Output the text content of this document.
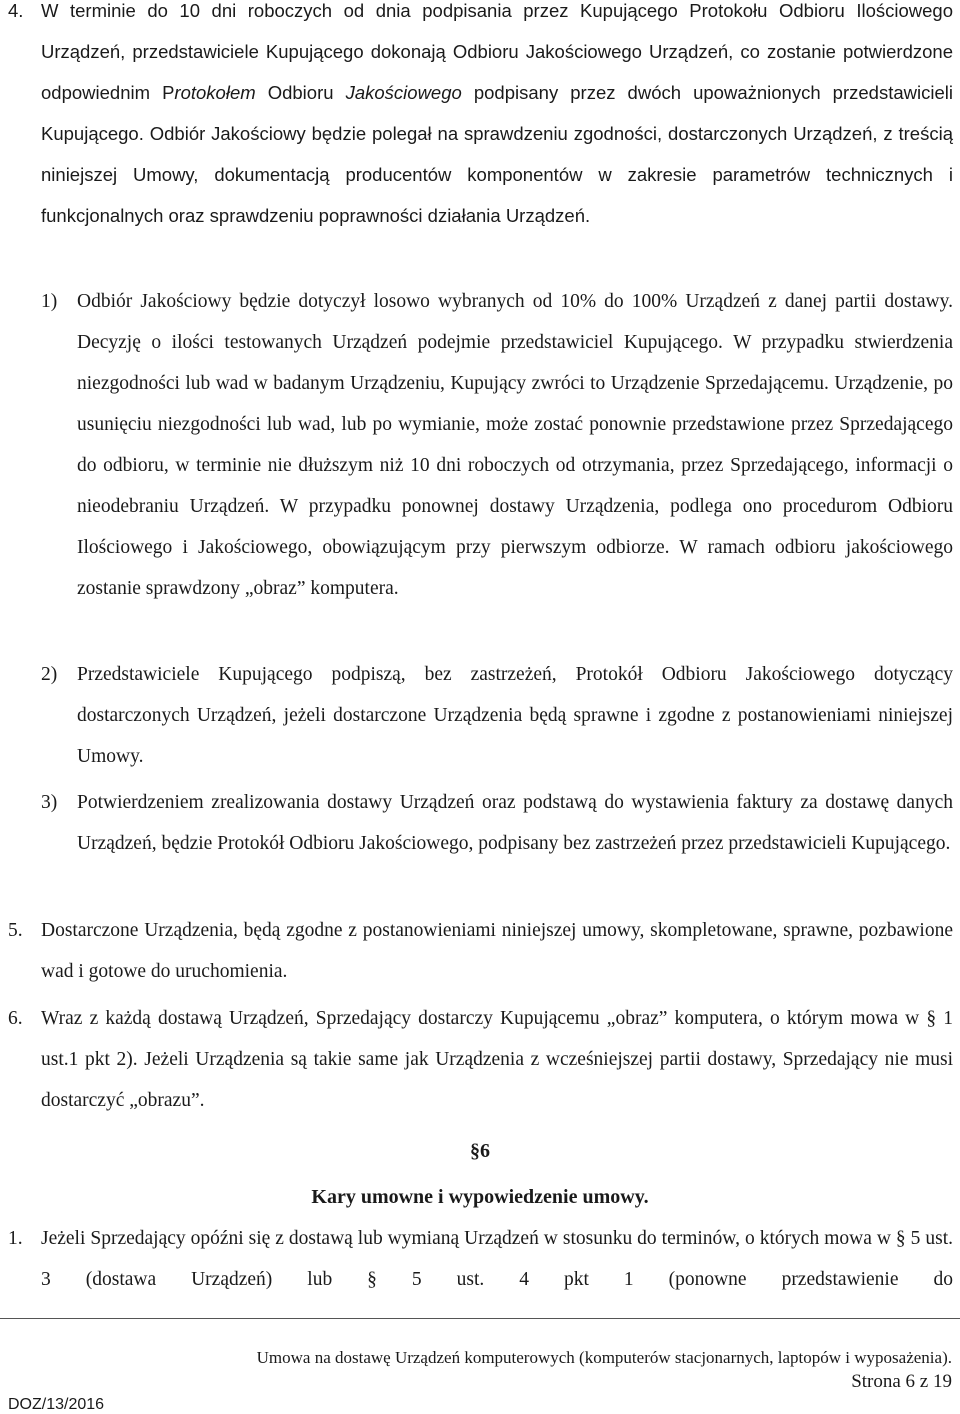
4. W terminie do 10 dni roboczych od dnia podpisania przez Kupującego Protokołu Odbioru Ilościowego Urządzeń, przedstawiciele Kupującego dokonają Odbioru Jakościowego Urządzeń, co zostanie potwierdzone odpowiednim Protokołem Odbioru Jakościowego podpisany przez dwóch upoważnionych przedstawicieli Kupującego. Odbiór Jakościowy będzie polegał na sprawdzeniu zgodności, dostarczonych Urządzeń, z treścią niniejszej Umowy, dokumentacją producentów komponentów w zakresie parametrów technicznych i funkcjonalnych oraz sprawdzeniu poprawności działania Urządzeń.

1) Odbiór Jakościowy będzie dotyczył losowo wybranych od 10% do 100% Urządzeń z danej partii dostawy. Decyzję o ilości testowanych Urządzeń podejmie przedstawiciel Kupującego. W przypadku stwierdzenia niezgodności lub wad w badanym Urządzeniu, Kupujący zwróci to Urządzenie Sprzedającemu. Urządzenie, po usunięciu niezgodności lub wad, lub po wymianie, może zostać ponownie przedstawione przez Sprzedającego do odbioru, w terminie nie dłuższym niż 10 dni roboczych od otrzymania, przez Sprzedającego, informacji o nieodebraniu Urządzeń. W przypadku ponownej dostawy Urządzenia, podlega ono procedurom Odbioru Ilościowego i Jakościowego, obowiązującym przy pierwszym odbiorze. W ramach odbioru jakościowego zostanie sprawdzony „obraz” komputera.

2) Przedstawiciele Kupującego podpiszą, bez zastrzeżeń, Protokół Odbioru Jakościowego dotyczący dostarczonych Urządzeń, jeżeli dostarczone Urządzenia będą sprawne i zgodne z postanowieniami niniejszej Umowy.

3) Potwierdzeniem zrealizowania dostawy Urządzeń oraz podstawą do wystawienia faktury za dostawę danych Urządzeń, będzie Protokół Odbioru Jakościowego, podpisany bez zastrzeżeń przez przedstawicieli Kupującego.

5. Dostarczone Urządzenia, będą zgodne z postanowieniami niniejszej umowy, skompletowane, sprawne, pozbawione wad i gotowe do uruchomienia.

6. Wraz z każdą dostawą Urządzeń, Sprzedający dostarczy Kupującemu „obraz” komputera, o którym mowa w § 1 ust.1 pkt 2). Jeżeli Urządzenia są takie same jak Urządzenia z wcześniejszej partii dostawy, Sprzedający nie musi dostarczyć „obrazu”.

§6
Kary umowne i wypowiedzenie umowy.
1. Jeżeli Sprzedający opóźni się z dostawą lub wymianą Urządzeń w stosunku do terminów, o których mowa w § 5 ust. 3 (dostawa Urządzeń) lub § 5 ust. 4 pkt 1 (ponowne przedstawienie do

Umowa na dostawę Urządzeń komputerowych (komputerów stacjonarnych, laptopów i wyposażenia).
Strona 6 z 19
DOZ/13/2016
